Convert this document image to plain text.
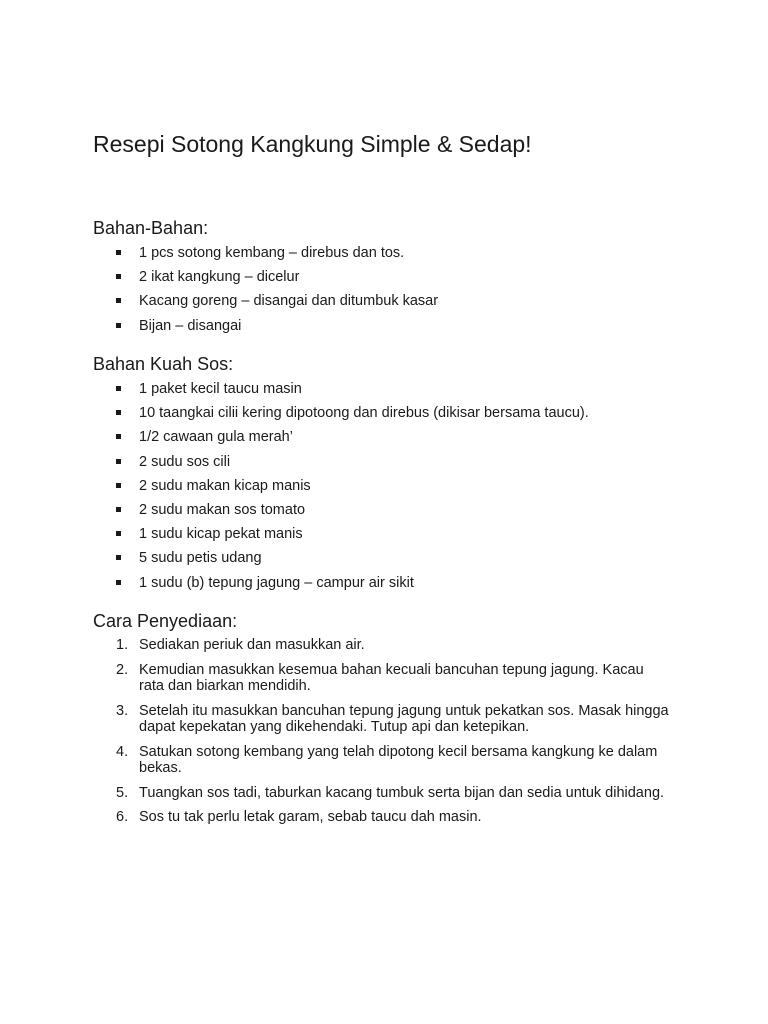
Resepi Sotong Kangkung Simple & Sedap!
Bahan-Bahan:
1 pcs sotong kembang – direbus dan tos.
2 ikat kangkung – dicelur
Kacang goreng – disangai dan ditumbuk kasar
Bijan – disangai
Bahan Kuah Sos:
1 paket kecil taucu masin
10 taangkai cilii kering dipotoong dan direbus (dikisar bersama taucu).
1/2 cawaan gula merah’
2 sudu sos cili
2 sudu makan kicap manis
2 sudu makan sos tomato
1 sudu kicap pekat manis
5 sudu petis udang
1 sudu (b) tepung jagung – campur air sikit
Cara Penyediaan:
1. Sediakan periuk dan masukkan air.
2. Kemudian masukkan kesemua bahan kecuali bancuhan tepung jagung. Kacau rata dan biarkan mendidih.
3. Setelah itu masukkan bancuhan tepung jagung untuk pekatkan sos. Masak hingga dapat kepekatan yang dikehendaki. Tutup api dan ketepikan.
4. Satukan sotong kembang yang telah dipotong kecil bersama kangkung ke dalam bekas.
5. Tuangkan sos tadi, taburkan kacang tumbuk serta bijan dan sedia untuk dihidang.
6. Sos tu tak perlu letak garam, sebab taucu dah masin.
